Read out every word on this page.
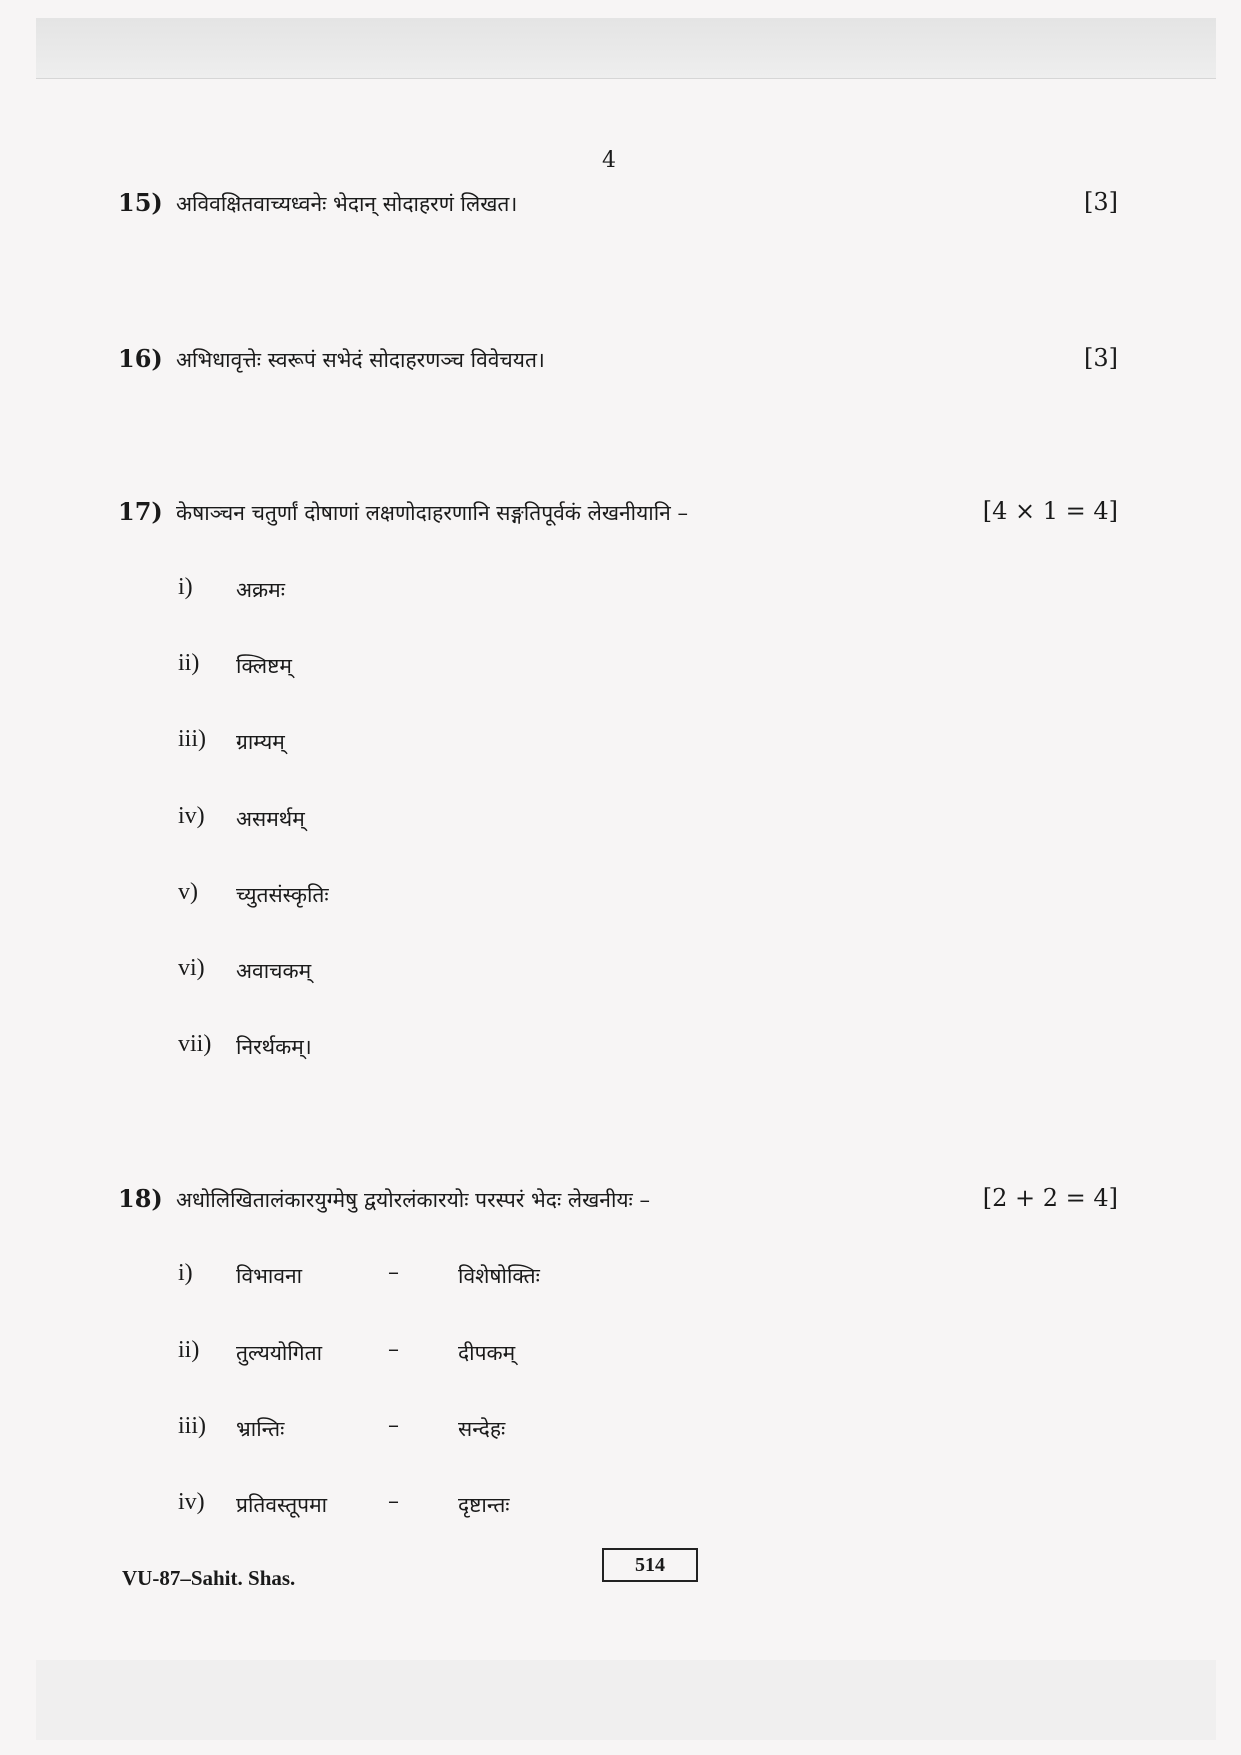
4
15) अविवक्षितवाच्यध्वनेः भेदान् सोदाहरणं लिखत।	[3]
16) अभिधावृत्तेः स्वरूपं सभेदं सोदाहरणञ्च विवेचयत।	[3]
17) केषाञ्चन चतुर्णां दोषाणां लक्षणोदाहरणानि सङ्गतिपूर्वकं लेखनीयानि –	[4 × 1 = 4]
i)	अक्रमः
ii)	क्लिष्टम्
iii)	ग्राम्यम्
iv)	असमर्थम्
v)	च्युतसंस्कृतिः
vi)	अवाचकम्
vii)	निरर्थकम्।
18) अधोलिखितालंकारयुग्मेषु द्वयोरलंकारयोः परस्परं भेदः लेखनीयः –	[2 + 2 = 4]
i)	विभावना	–	विशेषोक्तिः
ii)	तुल्ययोगिता	–	दीपकम्
iii)	भ्रान्तिः	–	सन्देहः
iv)	प्रतिवस्तूपमा	–	दृष्टान्तः
VU-87–Sahit. Shas.
514
